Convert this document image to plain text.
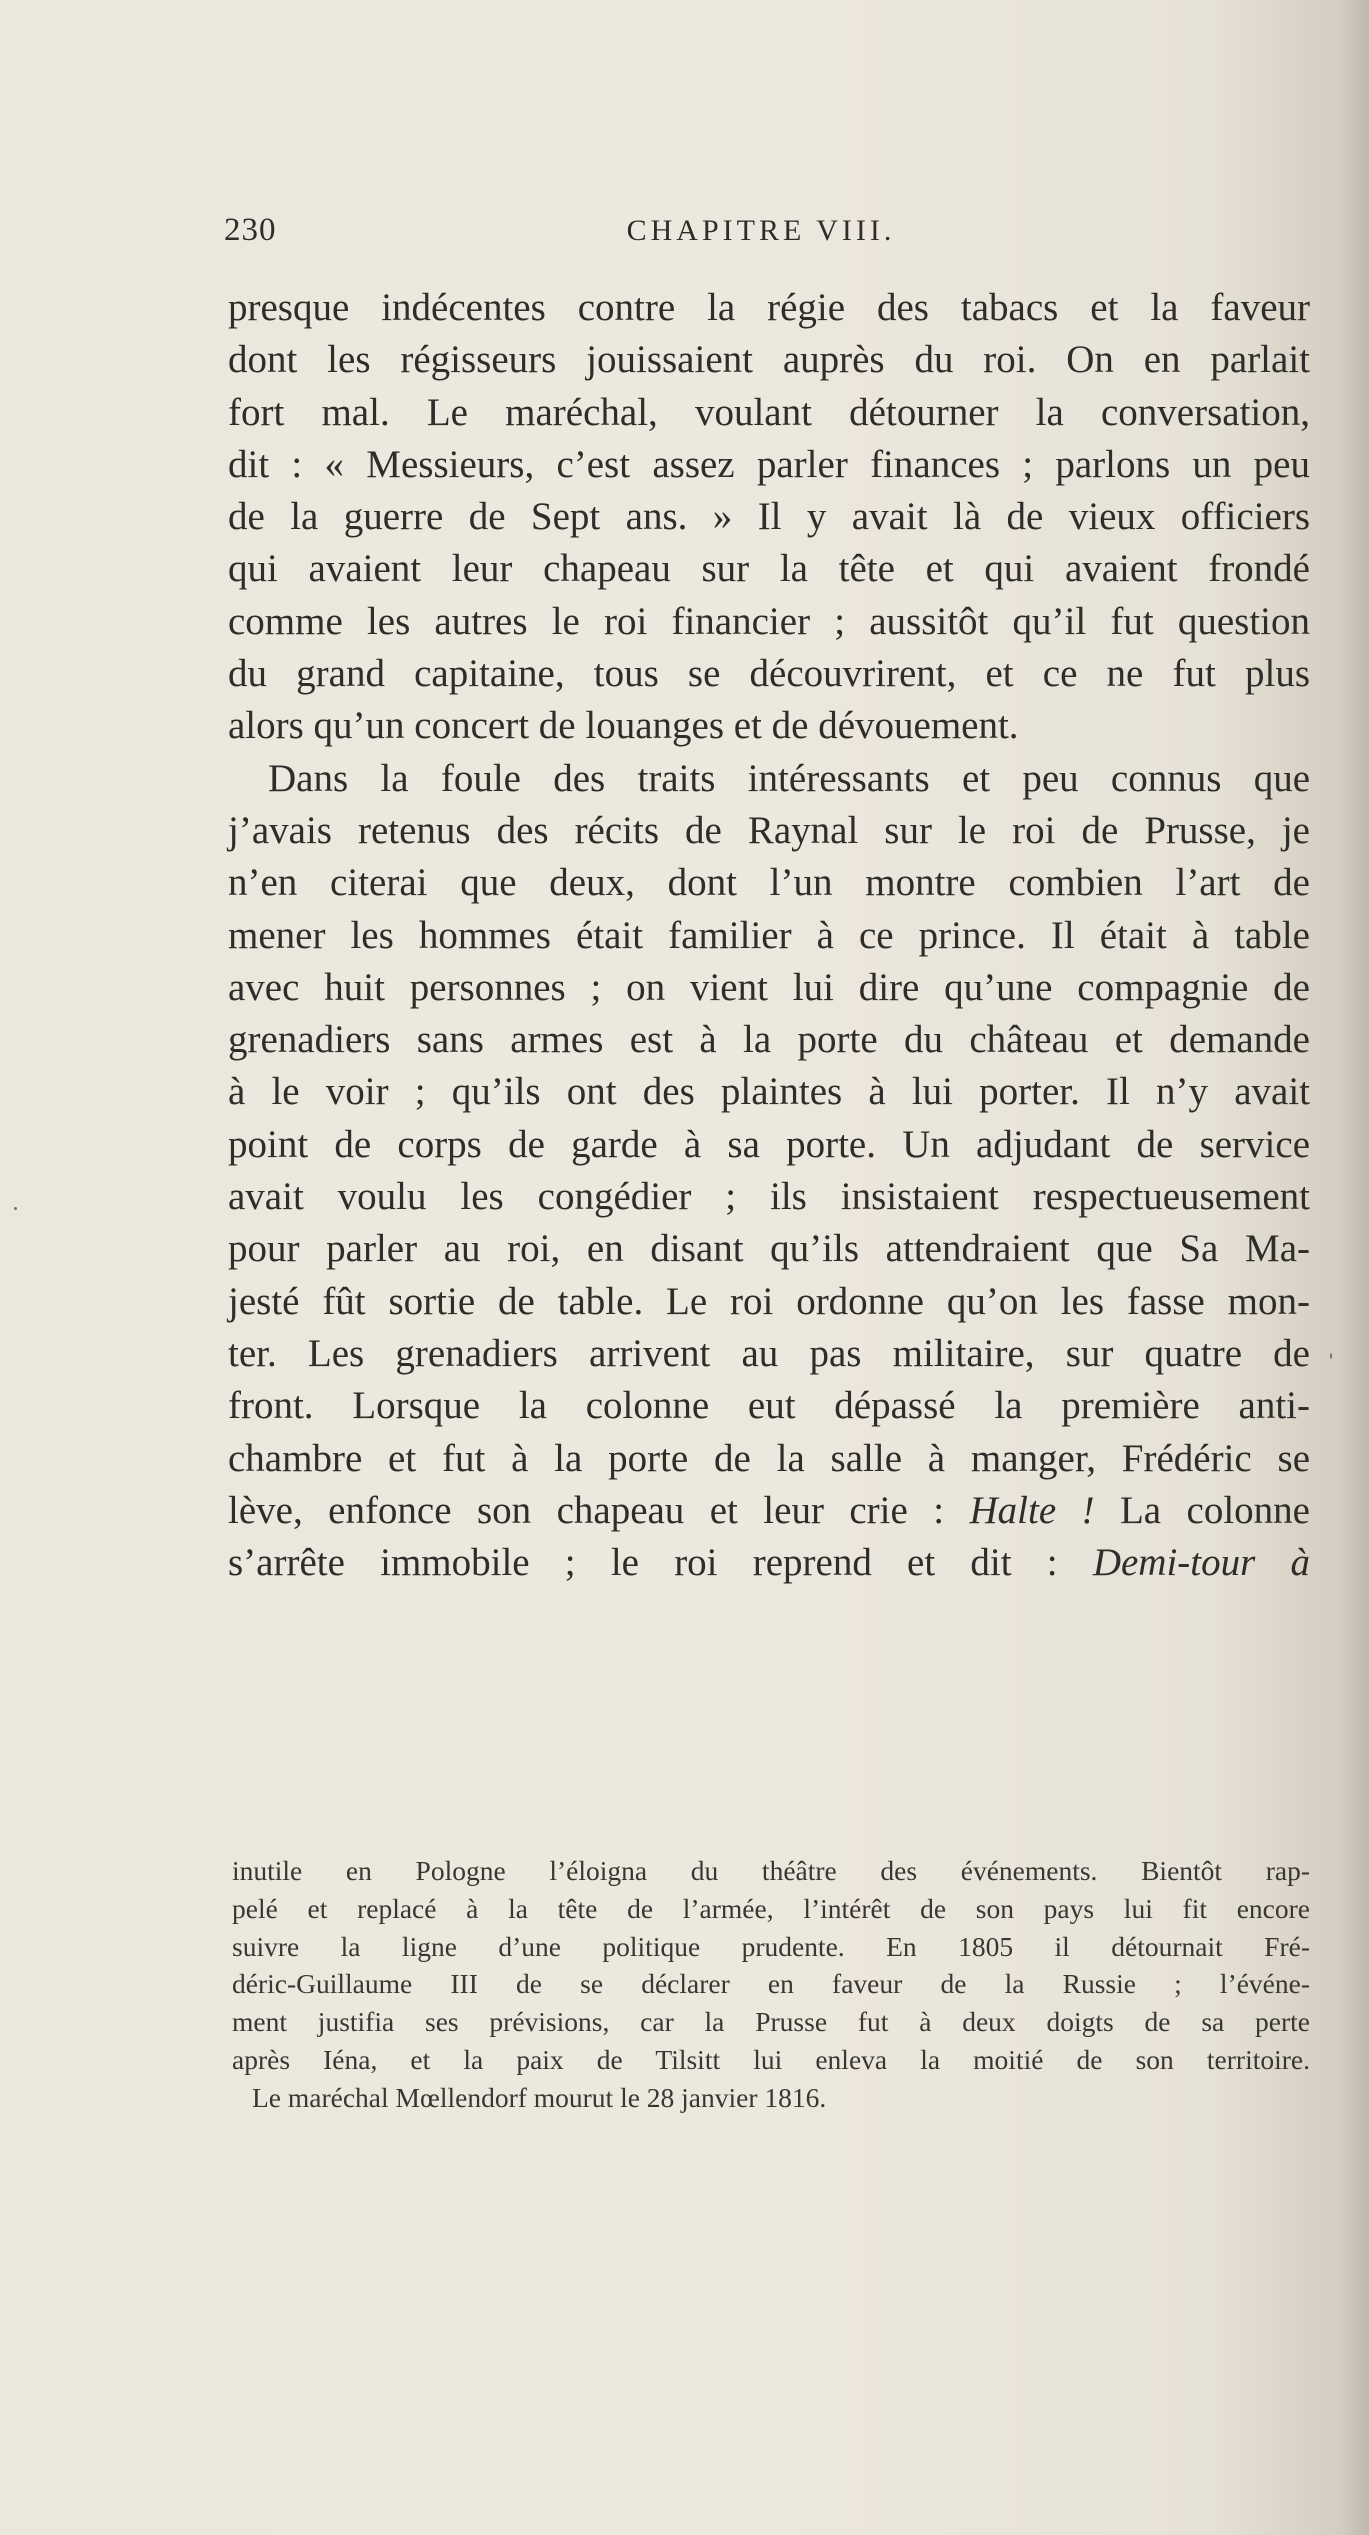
230	CHAPITRE VIII.
presque indécentes contre la régie des tabacs et la faveur
dont les régisseurs jouissaient auprès du roi. On en parlait
fort mal. Le maréchal, voulant détourner la conversation,
dit : « Messieurs, c’est assez parler finances ; parlons un peu
de la guerre de Sept ans. » Il y avait là de vieux officiers
qui avaient leur chapeau sur la tête et qui avaient frondé
comme les autres le roi financier ; aussitôt qu’il fut question
du grand capitaine, tous se découvrirent, et ce ne fut plus
alors qu’un concert de louanges et de dévouement.
Dans la foule des traits intéressants et peu connus que
j’avais retenus des récits de Raynal sur le roi de Prusse, je
n’en citerai que deux, dont l’un montre combien l’art de
mener les hommes était familier à ce prince. Il était à table
avec huit personnes ; on vient lui dire qu’une compagnie de
grenadiers sans armes est à la porte du château et demande
à le voir ; qu’ils ont des plaintes à lui porter. Il n’y avait
point de corps de garde à sa porte. Un adjudant de service
avait voulu les congédier ; ils insistaient respectueusement
pour parler au roi, en disant qu’ils attendraient que Sa Ma-
jesté fût sortie de table. Le roi ordonne qu’on les fasse mon-
ter. Les grenadiers arrivent au pas militaire, sur quatre de
front. Lorsque la colonne eut dépassé la première anti-
chambre et fut à la porte de la salle à manger, Frédéric se
lève, enfonce son chapeau et leur crie : Halte ! La colonne
s’arrête immobile ; le roi reprend et dit : Demi-tour à
inutile en Pologne l’éloigna du théâtre des événements. Bientôt rap-
pelé et replacé à la tête de l’armée, l’intérêt de son pays lui fit encore
suivre la ligne d’une politique prudente. En 1805 il détournait Fré-
déric-Guillaume III de se déclarer en faveur de la Russie ; l’événe-
ment justifia ses prévisions, car la Prusse fut à deux doigts de sa perte
après Iéna, et la paix de Tilsitt lui enleva la moitié de son territoire.
Le maréchal Mœllendorf mourut le 28 janvier 1816.
